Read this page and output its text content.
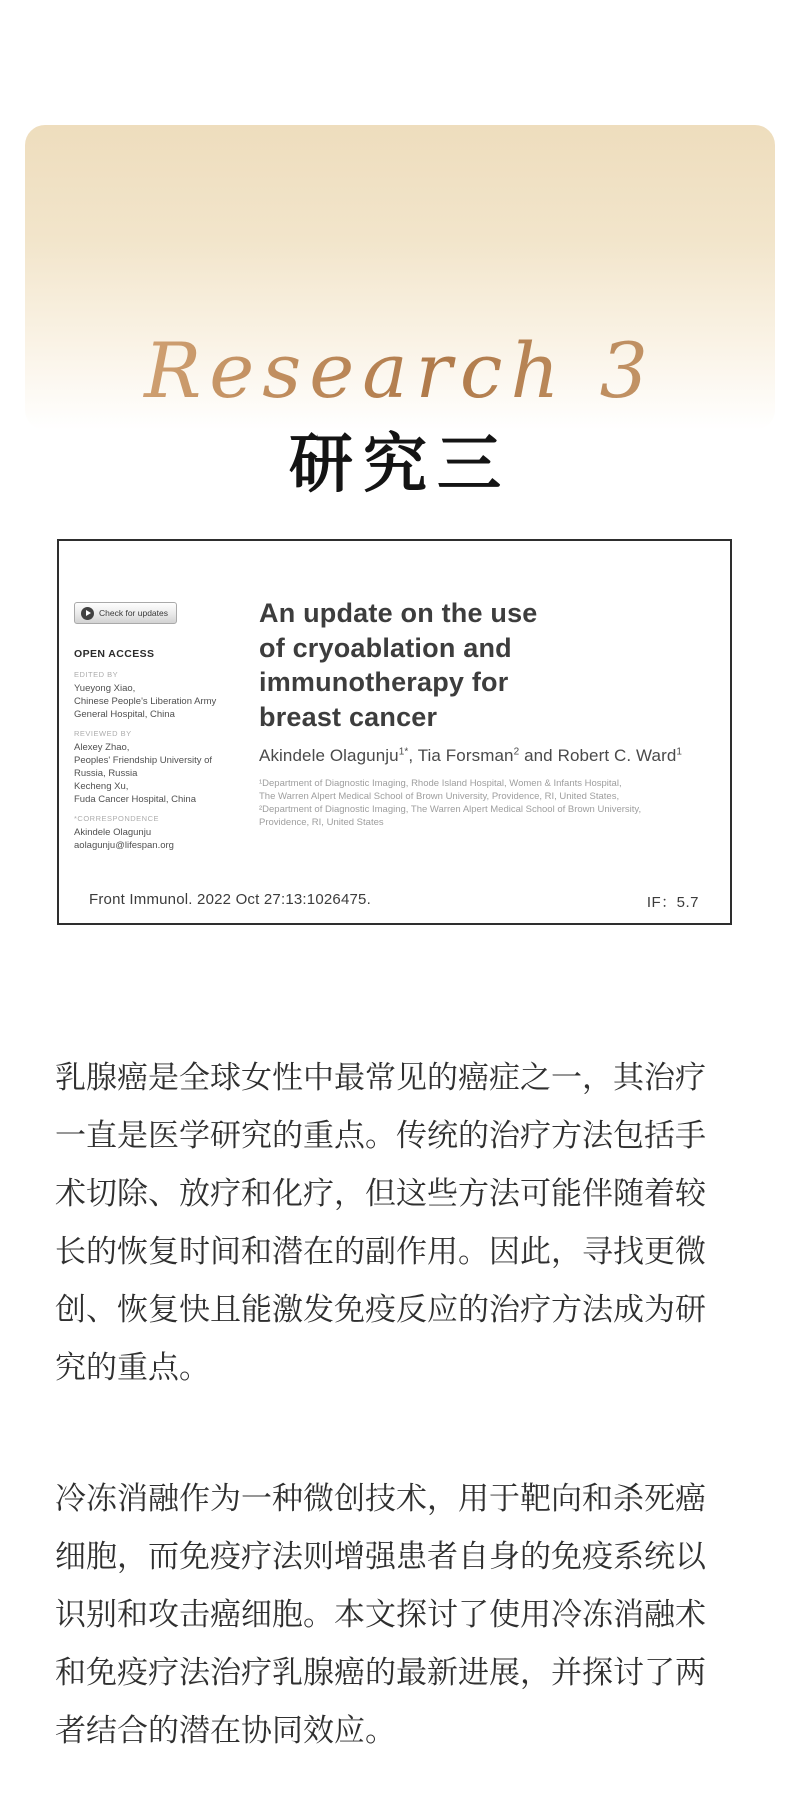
Research 3
研究三
Check for updates
OPEN ACCESS
EDITED BY
Yueyong Xiao,
Chinese People's Liberation Army
General Hospital, China
REVIEWED BY
Alexey Zhao,
Peoples' Friendship University of
Russia, Russia
Kecheng Xu,
Fuda Cancer Hospital, China
*CORRESPONDENCE
Akindele Olagunju
aolagunju@lifespan.org
An update on the use
of cryoablation and
immunotherapy for
breast cancer
Akindele Olagunju$^{1*}$, Tia Forsman$^2$ and Robert C. Ward$^1$
¹Department of Diagnostic Imaging, Rhode Island Hospital, Women & Infants Hospital,
The Warren Alpert Medical School of Brown University, Providence, RI, United States,
²Department of Diagnostic Imaging, The Warren Alpert Medical School of Brown University,
Providence, RI, United States
Front Immunol. 2022 Oct 27:13:1026475.	IF：5.7

乳腺癌是全球女性中最常见的癌症之一，其治疗一直是医学研究的重点。传统的治疗方法包括手术切除、放疗和化疗，但这些方法可能伴随着较长的恢复时间和潜在的副作用。因此，寻找更微创、恢复快且能激发免疫反应的治疗方法成为研究的重点。

冷冻消融作为一种微创技术，用于靶向和杀死癌细胞，而免疫疗法则增强患者自身的免疫系统以识别和攻击癌细胞。本文探讨了使用冷冻消融术和免疫疗法治疗乳腺癌的最新进展，并探讨了两者结合的潜在协同效应。
